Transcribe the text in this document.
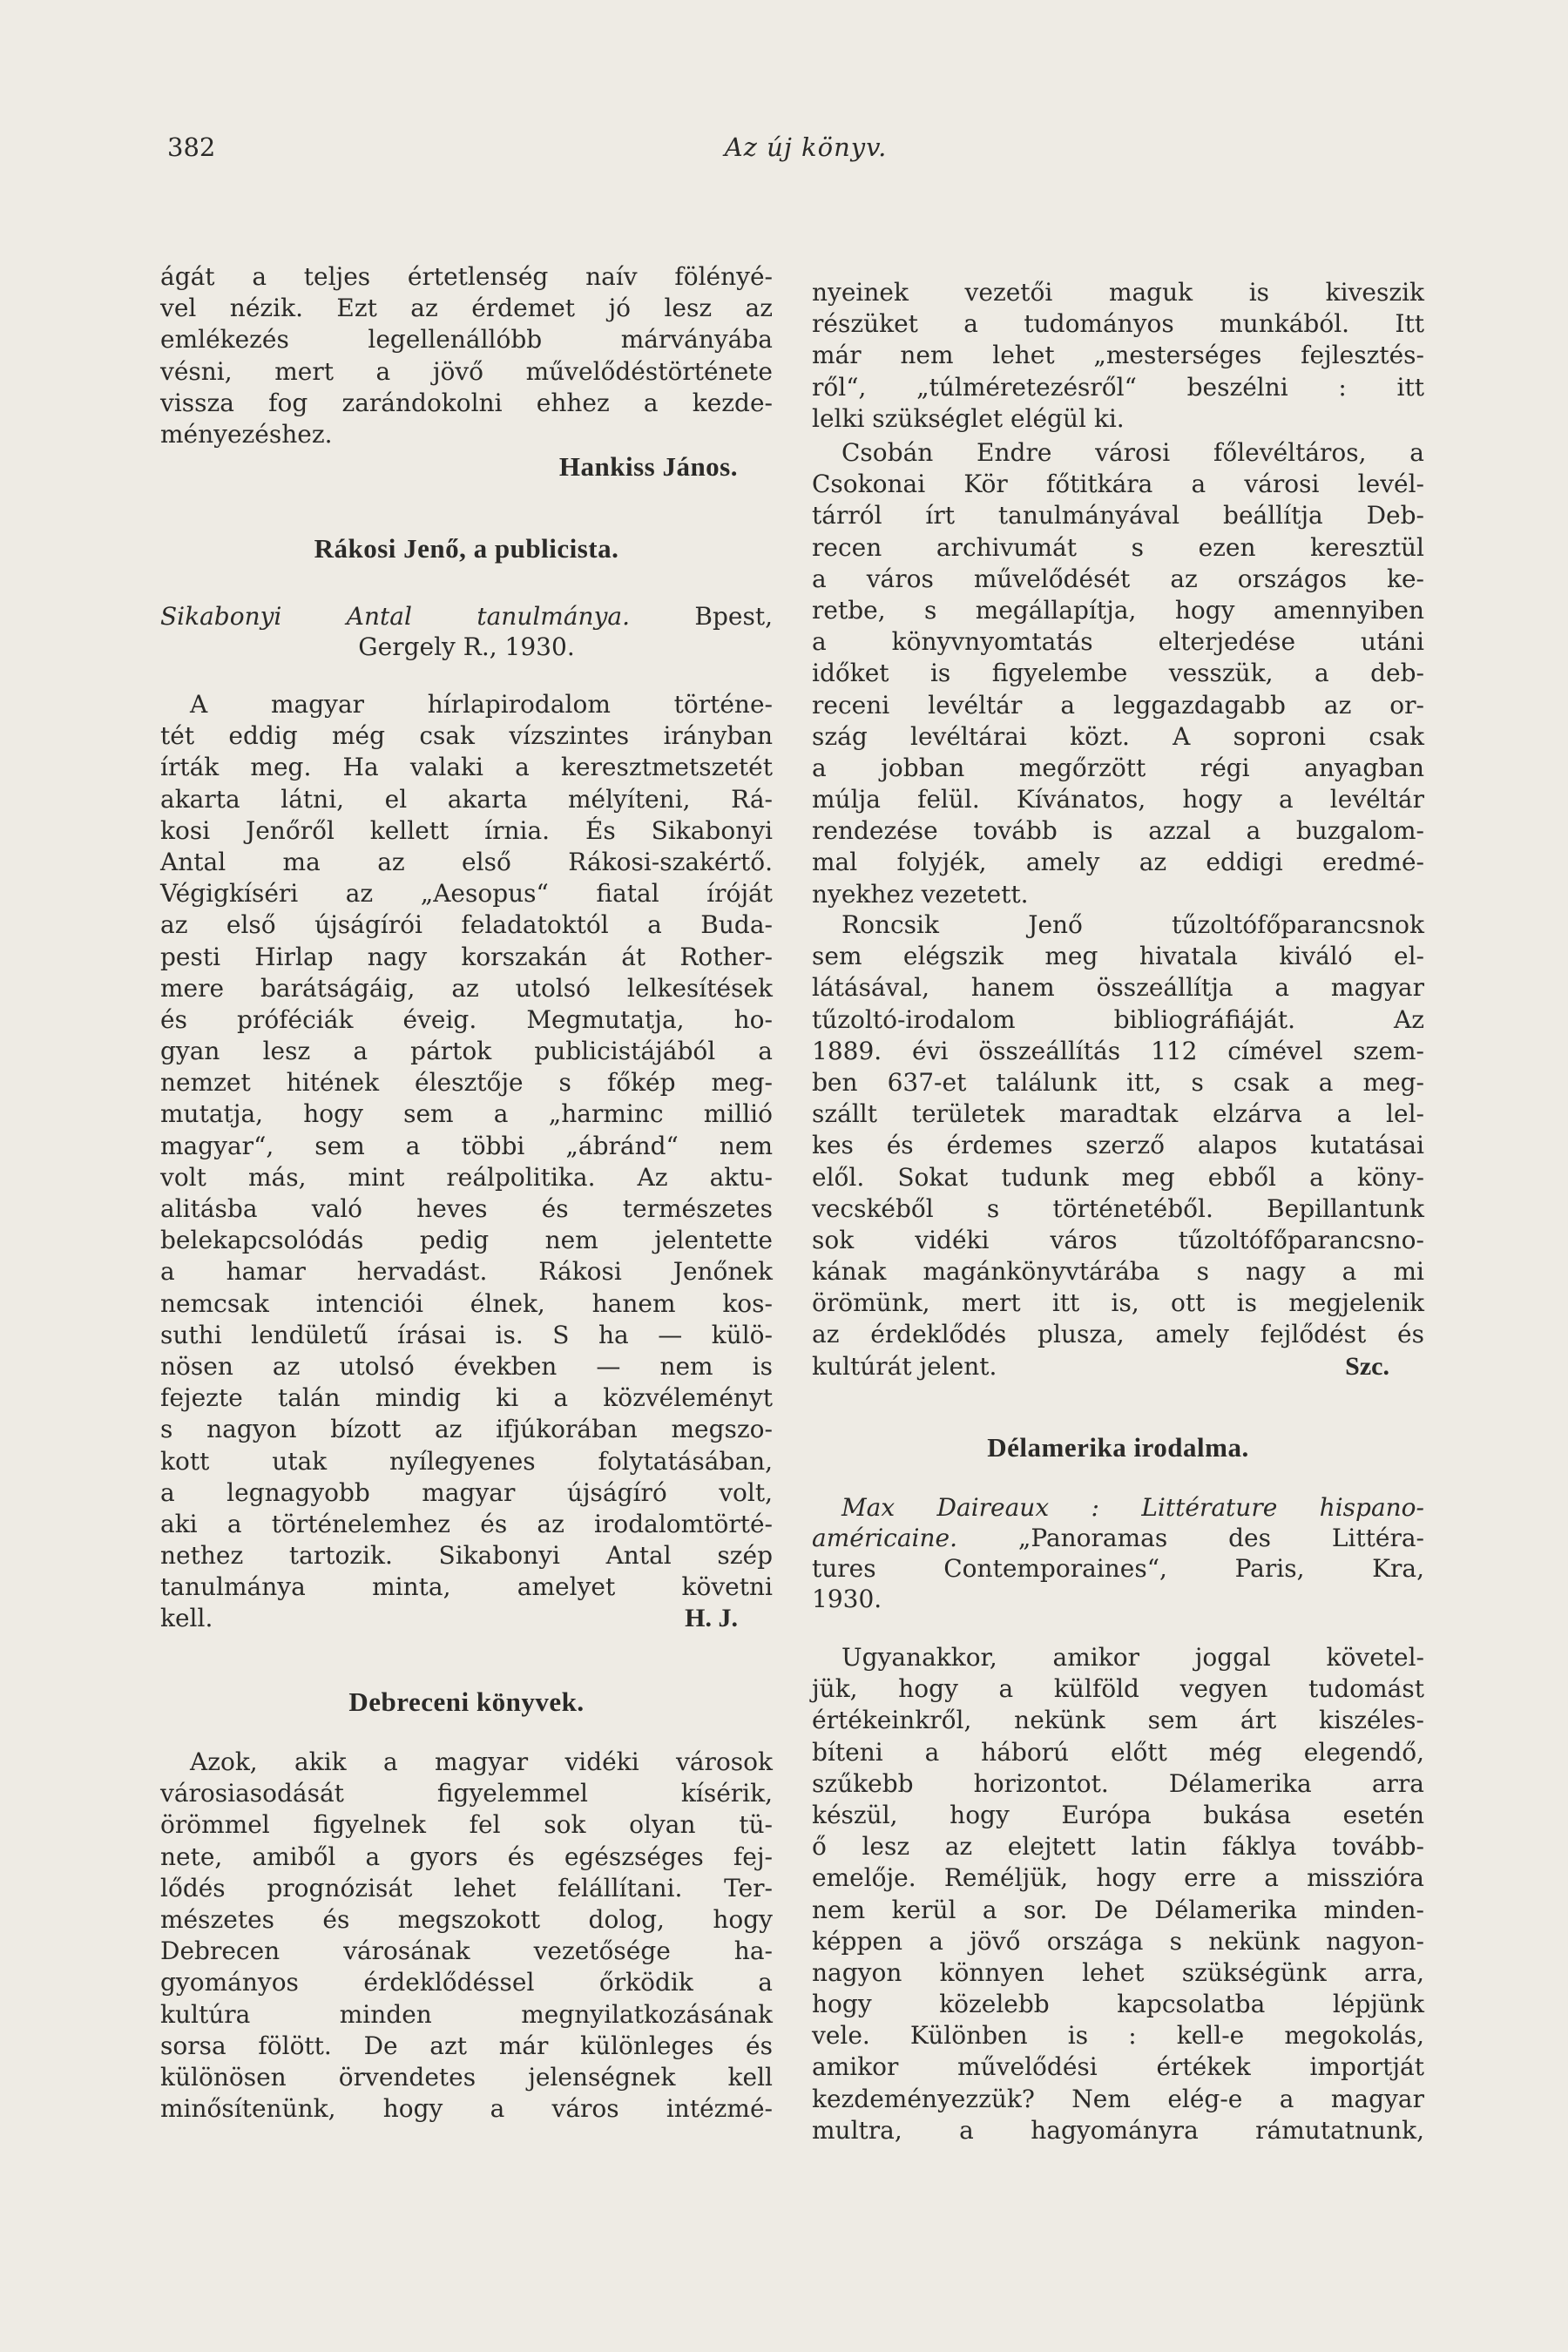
382	Az új könyv.
ágát a teljes értetlenség naív fölényé-
vel nézik. Ezt az érdemet jó lesz az
emlékezés legellenállóbb márványába
vésni, mert a jövő művelődéstörténete
vissza fog zarándokolni ehhez a kezde-
ményezéshez.
Hankiss János.
Rákosi Jenő, a publicista.
Sikabonyi Antal tanulmánya. Bpest,
Gergely R., 1930.
A magyar hírlapirodalom történe-
tét eddig még csak vízszintes irányban
írták meg. Ha valaki a keresztmetszetét
akarta látni, el akarta mélyíteni, Rá-
kosi Jenőről kellett írnia. És Sikabonyi
Antal ma az első Rákosi-szakértő.
Végigkíséri az „Aesopus“ fiatal íróját
az első újságírói feladatoktól a Buda-
pesti Hirlap nagy korszakán át Rother-
mere barátságáig, az utolsó lelkesítések
és próféciák éveig. Megmutatja, ho-
gyan lesz a pártok publicistájából a
nemzet hitének élesztője s főkép meg-
mutatja, hogy sem a „harminc millió
magyar“, sem a többi „ábránd“ nem
volt más, mint reálpolitika. Az aktu-
alitásba való heves és természetes
belekapcsolódás pedig nem jelentette
a hamar hervadást. Rákosi Jenőnek
nemcsak intenciói élnek, hanem kos-
suthi lendületű írásai is. S ha — külö-
nösen az utolsó években — nem is
fejezte talán mindig ki a közvéleményt
s nagyon bízott az ifjúkorában megszo-
kott utak nyílegyenes folytatásában,
a legnagyobb magyar újságíró volt,
aki a történelemhez és az irodalomtörté-
nethez tartozik. Sikabonyi Antal szép
tanulmánya minta, amelyet követni
kell.	H. J.
Debreceni könyvek.
Azok, akik a magyar vidéki városok
városiasodását figyelemmel kísérik,
örömmel figyelnek fel sok olyan tü-
nete, amiből a gyors és egészséges fej-
lődés prognózisát lehet felállítani. Ter-
mészetes és megszokott dolog, hogy
Debrecen városának vezetősége ha-
gyományos érdeklődéssel őrködik a
kultúra minden megnyilatkozásának
sorsa fölött. De azt már különleges és
különösen örvendetes jelenségnek kell
minősítenünk, hogy a város intézmé-
nyeinek vezetői maguk is kiveszik
részüket a tudományos munkából. Itt
már nem lehet „mesterséges fejlesztés-
ről“, „túlméretezésről“ beszélni : itt
lelki szükséglet elégül ki.
Csobán Endre városi főlevéltáros, a
Csokonai Kör főtitkára a városi levél-
tárról írt tanulmányával beállítja Deb-
recen archivumát s ezen keresztül
a város művelődését az országos ke-
retbe, s megállapítja, hogy amennyiben
a könyvnyomtatás elterjedése utáni
időket is figyelembe vesszük, a deb-
receni levéltár a leggazdagabb az or-
szág levéltárai közt. A soproni csak
a jobban megőrzött régi anyagban
múlja felül. Kívánatos, hogy a levéltár
rendezése tovább is azzal a buzgalom-
mal folyjék, amely az eddigi eredmé-
nyekhez vezetett.
Roncsik Jenő tűzoltófőparancsnok
sem elégszik meg hivatala kiváló el-
látásával, hanem összeállítja a magyar
tűzoltó-irodalom bibliográfiáját. Az
1889. évi összeállítás 112 címével szem-
ben 637-et találunk itt, s csak a meg-
szállt területek maradtak elzárva a lel-
kes és érdemes szerző alapos kutatásai
elől. Sokat tudunk meg ebből a köny-
vecskéből s történetéből. Bepillantunk
sok vidéki város tűzoltófőparancsno-
kának magánkönyvtárába s nagy a mi
örömünk, mert itt is, ott is megjelenik
az érdeklődés plusza, amely fejlődést és
kultúrát jelent.	Szc.
Délamerika irodalma.
Max Daireaux : Littérature hispano-
américaine. „Panoramas des Littéra-
tures Contemporaines“, Paris, Kra,
1930.
Ugyanakkor, amikor joggal követel-
jük, hogy a külföld vegyen tudomást
értékeinkről, nekünk sem árt kiszéles-
bíteni a háború előtt még elegendő,
szűkebb horizontot. Délamerika arra
készül, hogy Európa bukása esetén
ő lesz az elejtett latin fáklya tovább-
emelője. Reméljük, hogy erre a misszióra
nem kerül a sor. De Délamerika minden-
képpen a jövő országa s nekünk nagyon-
nagyon könnyen lehet szükségünk arra,
hogy közelebb kapcsolatba lépjünk
vele. Különben is : kell-e megokolás,
amikor művelődési értékek importját
kezdeményezzük? Nem elég-e a magyar
multra, a hagyományra rámutatnunk,
